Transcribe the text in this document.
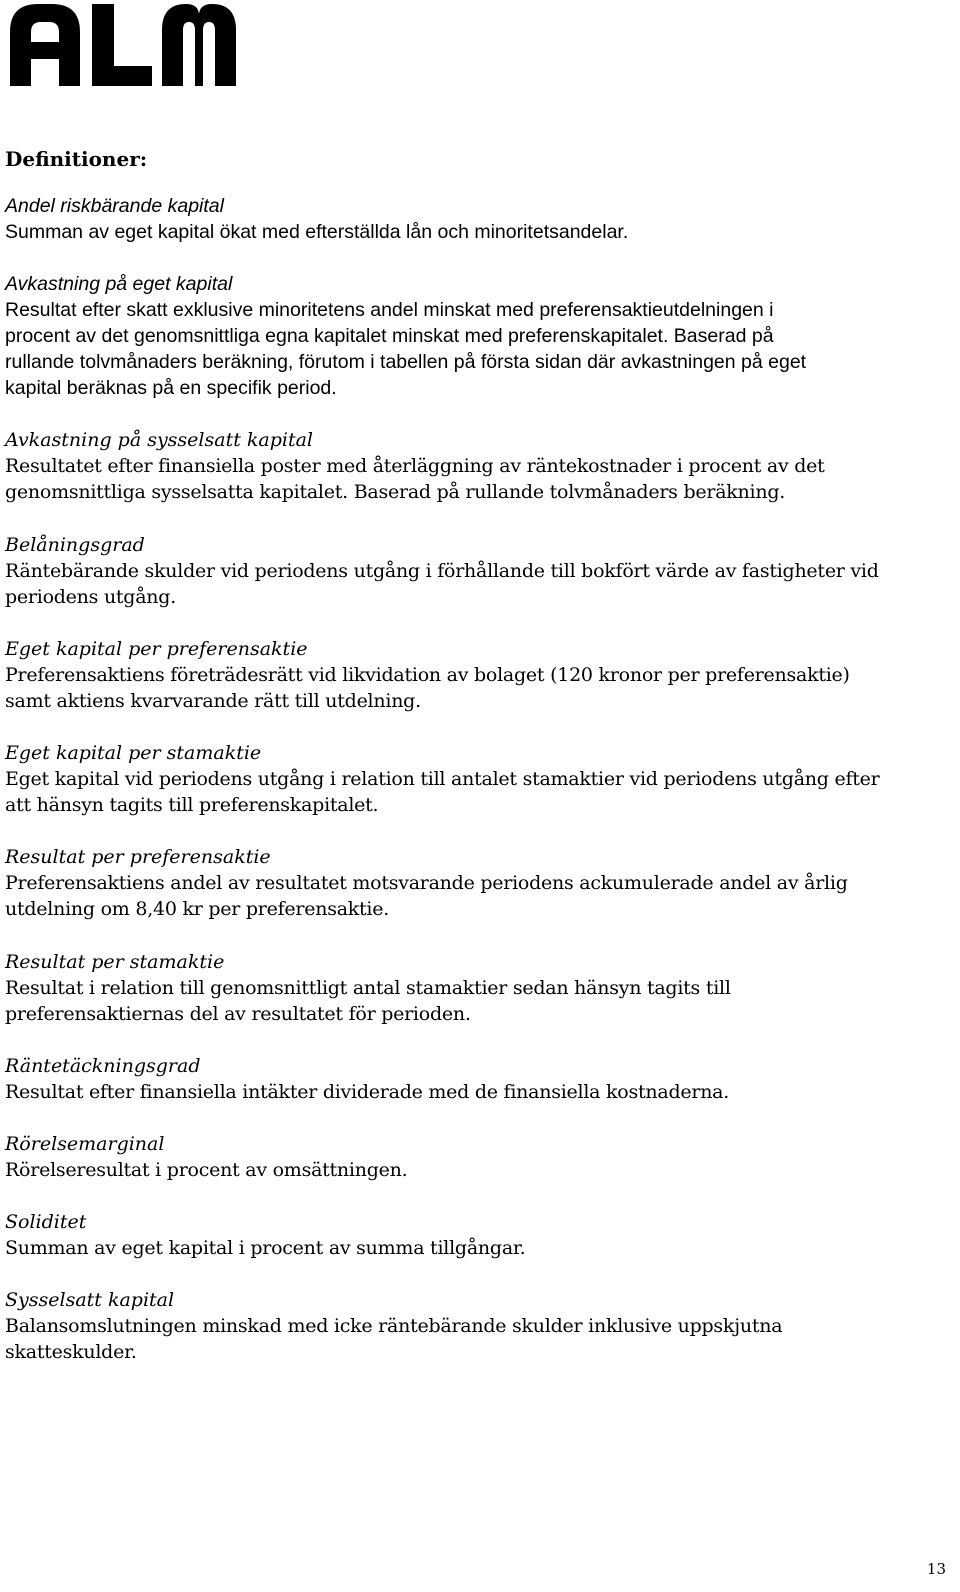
Definitioner:
Andel riskbärande kapital
Summan av eget kapital ökat med efterställda lån och minoritetsandelar.
Avkastning på eget kapital
Resultat efter skatt exklusive minoritetens andel minskat med preferensaktieutdelningen i
procent av det genomsnittliga egna kapitalet minskat med preferenskapitalet. Baserad på
rullande tolvmånaders beräkning, förutom i tabellen på första sidan där avkastningen på eget
kapital beräknas på en specifik period.
Avkastning på sysselsatt kapital
Resultatet efter finansiella poster med återläggning av räntekostnader i procent av det
genomsnittliga sysselsatta kapitalet. Baserad på rullande tolvmånaders beräkning.
Belåningsgrad
Räntebärande skulder vid periodens utgång i förhållande till bokfört värde av fastigheter vid
periodens utgång.
Eget kapital per preferensaktie
Preferensaktiens företrädesrätt vid likvidation av bolaget (120 kronor per preferensaktie)
samt aktiens kvarvarande rätt till utdelning.
Eget kapital per stamaktie
Eget kapital vid periodens utgång i relation till antalet stamaktier vid periodens utgång efter
att hänsyn tagits till preferenskapitalet.
Resultat per preferensaktie
Preferensaktiens andel av resultatet motsvarande periodens ackumulerade andel av årlig
utdelning om 8,40 kr per preferensaktie.
Resultat per stamaktie
Resultat i relation till genomsnittligt antal stamaktier sedan hänsyn tagits till
preferensaktiernas del av resultatet för perioden.
Räntetäckningsgrad
Resultat efter finansiella intäkter dividerade med de finansiella kostnaderna.
Rörelsemarginal
Rörelseresultat i procent av omsättningen.
Soliditet
Summan av eget kapital i procent av summa tillgångar.
Sysselsatt kapital
Balansomslutningen minskad med icke räntebärande skulder inklusive uppskjutna
skatteskulder.
13
